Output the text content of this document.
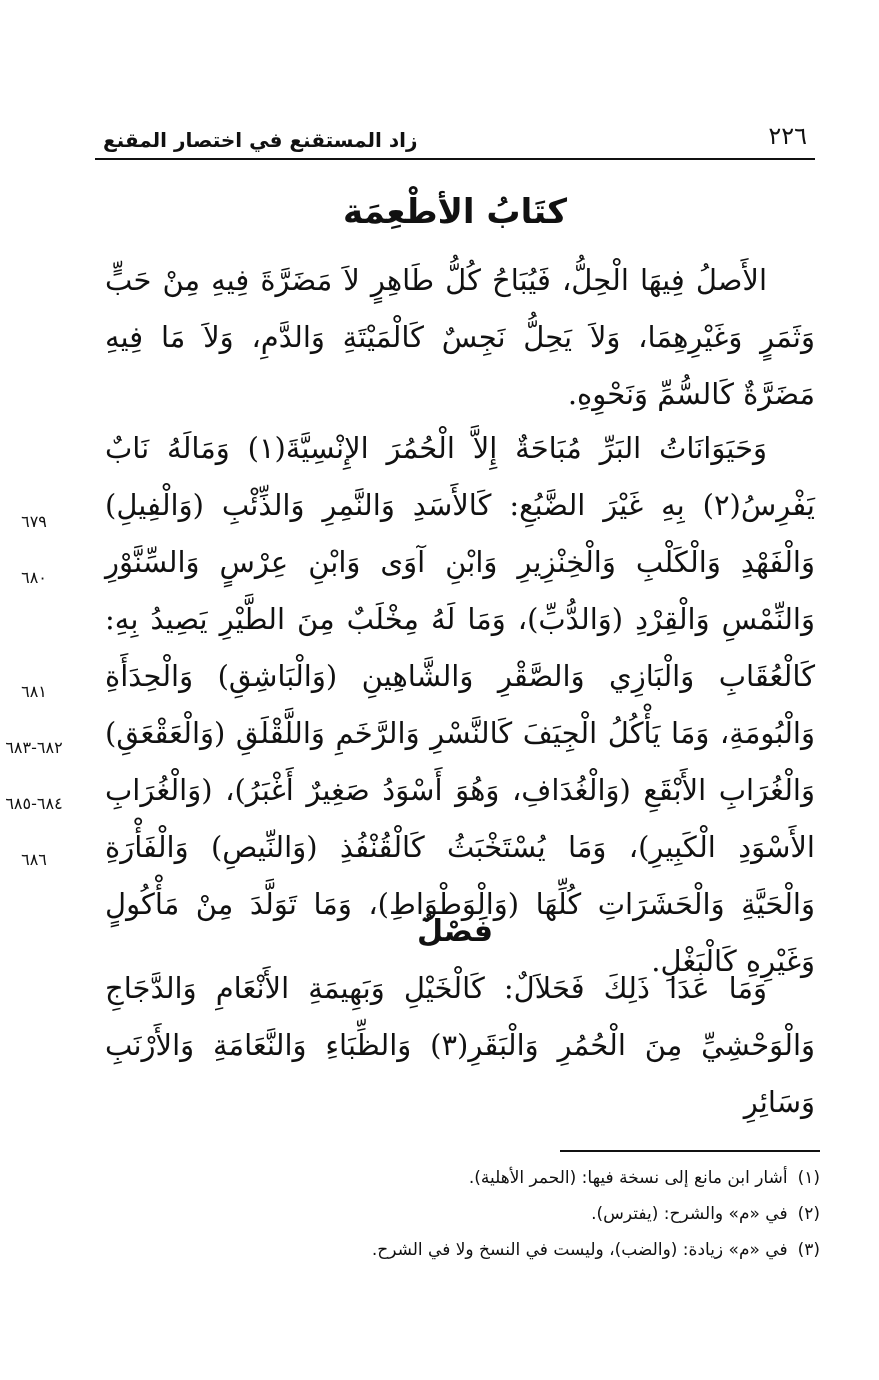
٢٢٦
زاد المستقنع في اختصار المقنع
كتَابُ الأطْعِمَة

الأَصلُ فِيهَا الْحِلُّ، فَيُبَاحُ كُلُّ طَاهِرٍ لاَ مَضَرَّةَ فِيهِ مِنْ حَبٍّ وَثَمَرٍ وَغَيْرِهِمَا، وَلاَ يَحِلُّ نَجِسٌ كَالْمَيْتَةِ وَالدَّمِ، وَلاَ مَا فِيهِ مَضَرَّةٌ كَالسُّمِّ وَنَحْوِهِ.

وَحَيَوَانَاتُ البَرِّ مُبَاحَةٌ إِلاَّ الْحُمُرَ الإِنْسِيَّةَ(١) وَمَالَهُ نَابٌ يَفْرِسُ(٢) بِهِ غَيْرَ الضَّبُعِ: كَالأَسَدِ وَالنَّمِرِ وَالذِّئْبِ (وَالْفِيلِ) وَالْفَهْدِ وَالْكَلْبِ وَالْخِنْزِيرِ وَابْنِ آوَى وَابْنِ عِرْسٍ وَالسِّنَّوْرِ وَالنِّمْسِ وَالْقِرْدِ (وَالدُّبِّ)، وَمَا لَهُ مِخْلَبٌ مِنَ الطَّيْرِ يَصِيدُ بِهِ: كَالْعُقَابِ وَالْبَازِي وَالصَّقْرِ وَالشَّاهِينِ (وَالْبَاشِقِ) وَالْحِدَأَةِ وَالْبُومَةِ، وَمَا يَأْكُلُ الْجِيَفَ كَالنَّسْرِ وَالرَّخَمِ وَاللَّقْلَقِ (وَالْعَقْعَقِ) وَالْغُرَابِ الأَبْقَعِ (وَالْغُدَافِ، وَهُوَ أَسْوَدُ صَغِيرٌ أَغْبَرُ)، (وَالْغُرَابِ الأَسْوَدِ الْكَبِيرِ)، وَمَا يُسْتَخْبَثُ كَالْقُنْفُذِ (وَالنِّيصِ) وَالْفَأْرَةِ وَالْحَيَّةِ وَالْحَشَرَاتِ كُلِّهَا (وَالْوَطْوَاطِ)، وَمَا تَوَلَّدَ مِنْ مَأْكُولٍ وَغَيْرِهِ كَالْبَغْلِ.

٦٧٩
٦٨٠
٦٨١
٦٨٢-٦٨٣
٦٨٤-٦٨٥
٦٨٦
فَصْلٌ

وَمَا عَدَا ذَلِكَ فَحَلاَلٌ: كَالْخَيْلِ وَبَهِيمَةِ الأَنْعَامِ وَالدَّجَاجِ وَالْوَحْشِيِّ مِنَ الْحُمُرِ وَالْبَقَرِ(٣) وَالظِّبَاءِ وَالنَّعَامَةِ وَالأَرْنَبِ وَسَائِرِ

(١)أشار ابن مانع إلى نسخة فيها: (الحمر الأهلية).
(٢)في «م» والشرح: (يفترس).
(٣)في «م» زيادة: (والضب)، وليست في النسخ ولا في الشرح.
